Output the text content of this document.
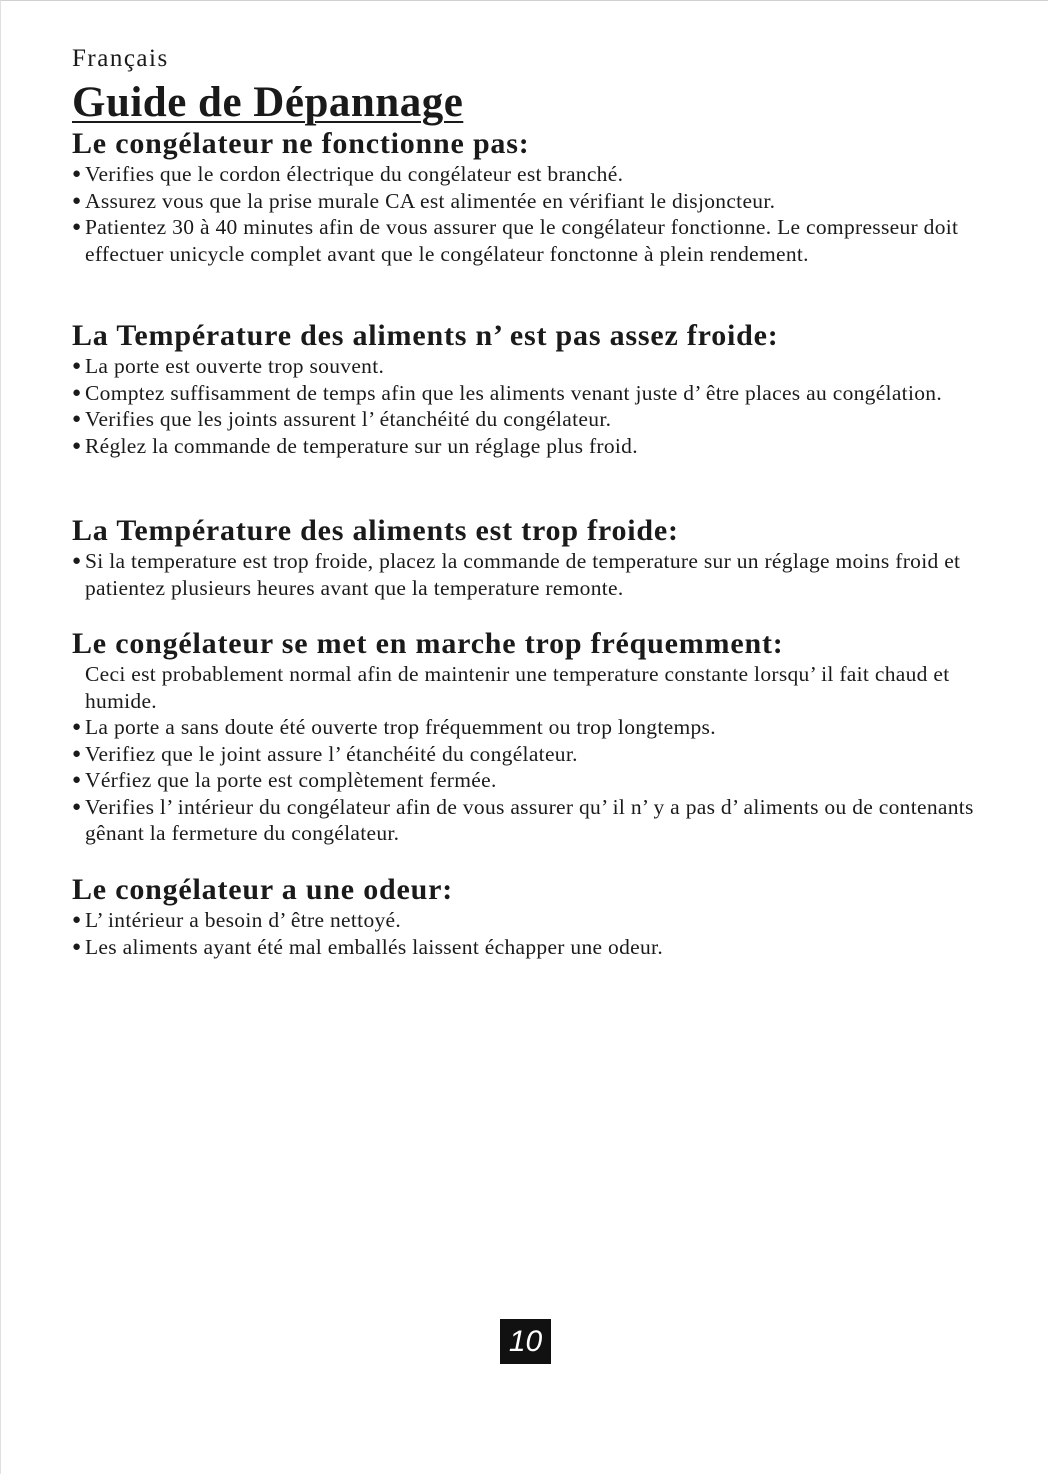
Français
Guide de Dépannage
Le congélateur ne fonctionne pas:
● Verifies que le cordon électrique du congélateur est branché.
● Assurez vous que la prise murale CA est alimentée en vérifiant le disjoncteur.
● Patientez 30 à 40 minutes afin de vous assurer que le congélateur fonctionne. Le compresseur doit effectuer unicycle complet avant que le congélateur fonctonne à plein rendement.
La Température des aliments n’ est pas assez froide:
● La porte est ouverte trop souvent.
● Comptez suffisamment de temps afin que les aliments venant juste d’ être places au congélation.
● Verifies que les joints assurent l’ étanchéité du congélateur.
● Réglez la commande de temperature sur un réglage plus froid.
La Température des aliments est trop froide:
● Si la temperature est trop froide, placez la commande de temperature sur un réglage moins froid et patientez plusieurs heures avant que la temperature remonte.
Le congélateur se met en marche trop fréquemment:

Ceci est probablement normal afin de maintenir une temperature constante lorsqu’ il fait chaud et humide.

● La porte a sans doute été ouverte trop fréquemment ou trop longtemps.
● Verifiez que le joint assure l’ étanchéité du congélateur.
● Vérfiez que la porte est complètement fermée.
● Verifies l’ intérieur du congélateur afin de vous assurer qu’ il n’ y a pas d’ aliments ou de contenants gênant la fermeture du congélateur.
Le congélateur a une odeur:
● L’ intérieur a besoin d’ être nettoyé.
● Les aliments ayant été mal emballés laissent échapper une odeur.
10
